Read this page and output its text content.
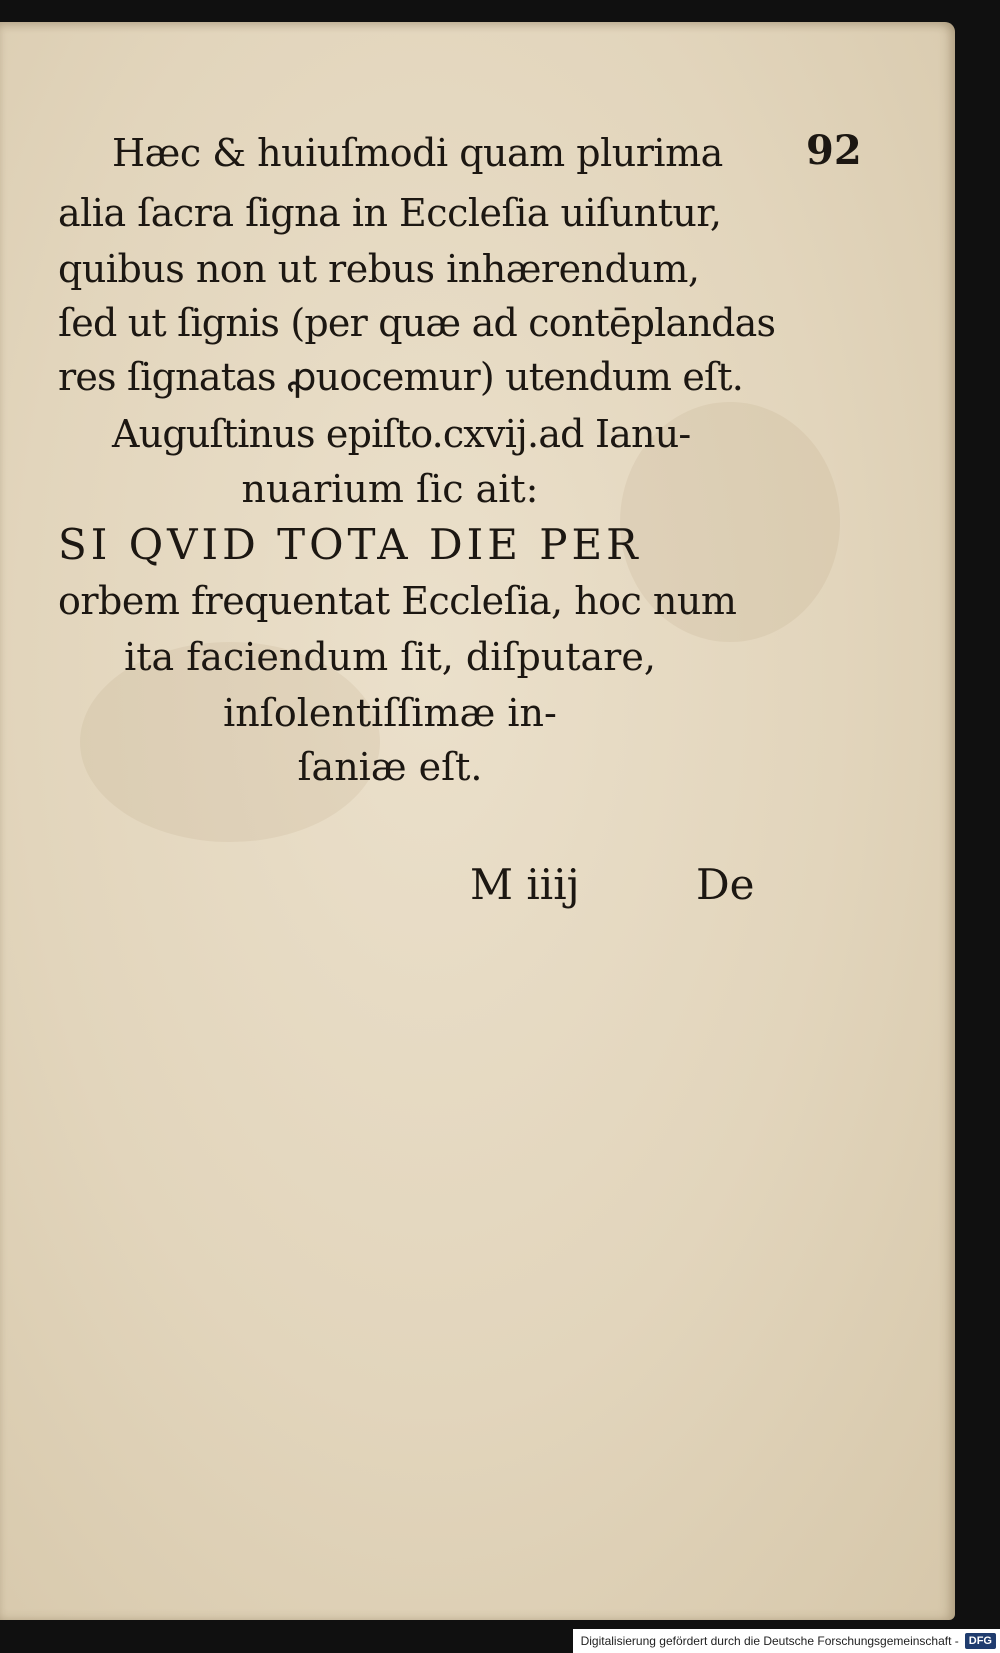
92
Hæc & huiuſmodi quam plurima
alia ſacra ſigna in Eccleſia uiſuntur,
quibus non ut rebus inhærendum,
ſed ut ſignis (per quæ ad contēplandas
res ſignatas ꝓuocemur) utendum eſt.
Auguſtinus epiſto.cxvij.ad Ianu-
nuarium ſic ait:
SI QVID TOTA DIE PER
orbem frequentat Eccleſia, hoc num
ita faciendum ſit, diſputare,
inſolentiſſimæ in-
ſaniæ eſt.
M iiij	De
Digitalisierung gefördert durch die Deutsche Forschungsgemeinschaft - DFG
